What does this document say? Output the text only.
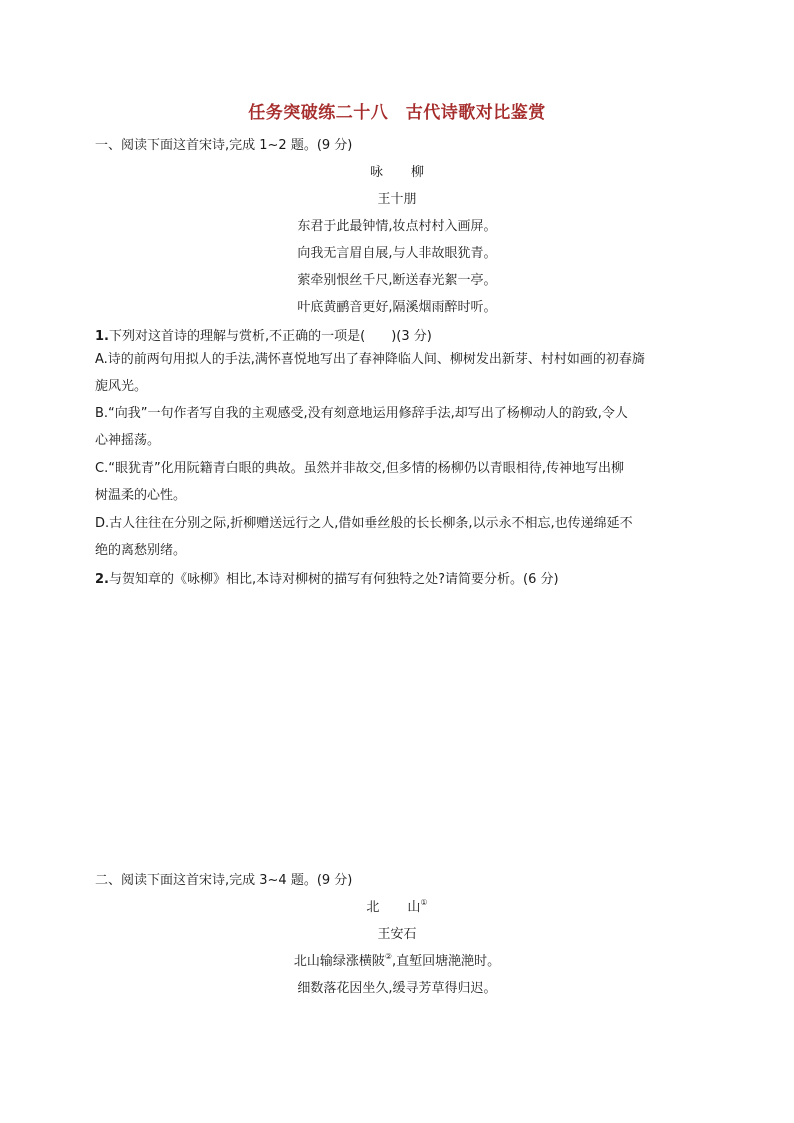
任务突破练二十八　古代诗歌对比鉴赏
一、阅读下面这首宋诗,完成 1~2 题。(9 分)
咏 柳
王十朋
东君于此最钟情,妆点村村入画屏。
向我无言眉自展,与人非故眼犹青。
萦牵别恨丝千尺,断送春光絮一亭。
叶底黄鹂音更好,隔溪烟雨醉时听。
1.下列对这首诗的理解与赏析,不正确的一项是(　　)(3 分)
A.诗的前两句用拟人的手法,满怀喜悦地写出了春神降临人间、柳树发出新芽、村村如画的初春旖
旎风光。
B.“向我”一句作者写自我的主观感受,没有刻意地运用修辞手法,却写出了杨柳动人的韵致,令人
心神摇荡。
C.“眼犹青”化用阮籍青白眼的典故。虽然并非故交,但多情的杨柳仍以青眼相待,传神地写出柳
树温柔的心性。
D.古人往往在分别之际,折柳赠送远行之人,借如垂丝般的长长柳条,以示永不相忘,也传递绵延不
绝的离愁别绪。
2.与贺知章的《咏柳》相比,本诗对柳树的描写有何独特之处?请简要分析。(6 分)
二、阅读下面这首宋诗,完成 3~4 题。(9 分)
北 山①
王安石
北山输绿涨横陂②,直堑回塘滟滟时。
细数落花因坐久,缓寻芳草得归迟。
